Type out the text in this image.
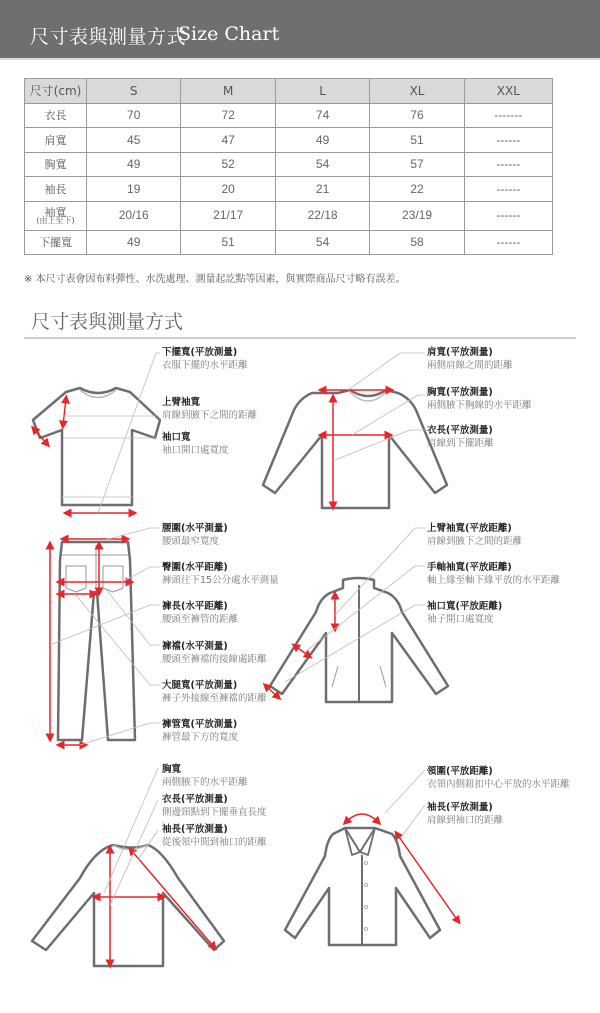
尺寸表與測量方式
Size Chart
尺寸(cm)	S	M	L	XL	XXL
衣長	70	72	74	76	-------
肩寬	45	47	49	51	------
胸寬	49	52	54	57	------
袖長	19	20	21	22	------
袖寬
(由上至下)	20/16	21/17	22/18	23/19	------
下擺寬	49	51	54	58	------
※ 本尺寸表會因布料彈性、水洗處理、測量起訖點等因素，與實際商品尺寸略有誤差。
尺寸表與測量方式
下擺寬(平放測量)
衣服下擺的水平距離
上臂袖寬
肩線到腋下之間的距離
袖口寬
袖口開口處寬度
肩寬(平放測量)
兩側肩線之間的距離
胸寬(平放測量)
兩側腋下胸線的水平距離
衣長(平放測量)
肩線到下擺距離
腰圍(水平測量)
腰頭最窄寬度
臀圍(水平距離)
褲頭往下15公分處水平測量
褲長(水平距離)
腰頭至褲管的距離
褲襠(水平測量)
腰頭至褲襠的接線處距離
大腿寬(平放測量)
褲子外接線至褲襠的距離
褲管寬(平放測量)
褲管最下方的寬度
上臂袖寬(平放距離)
肩線到腋下之間的距離
手軸袖寬(平放距離)
軸上緣至軸下緣平放的水平距離
袖口寬(平放距離)
袖子開口處寬度
胸寬
兩側腋下的水平距離
衣長(平放測量)
側邊頸點到下擺垂直長度
袖長(平放測量)
從後領中間到袖口的距離
領圍(平放距離)
衣領內側鈕扣中心平放的水平距離
袖長(平放測量)
肩線到袖口的距離
